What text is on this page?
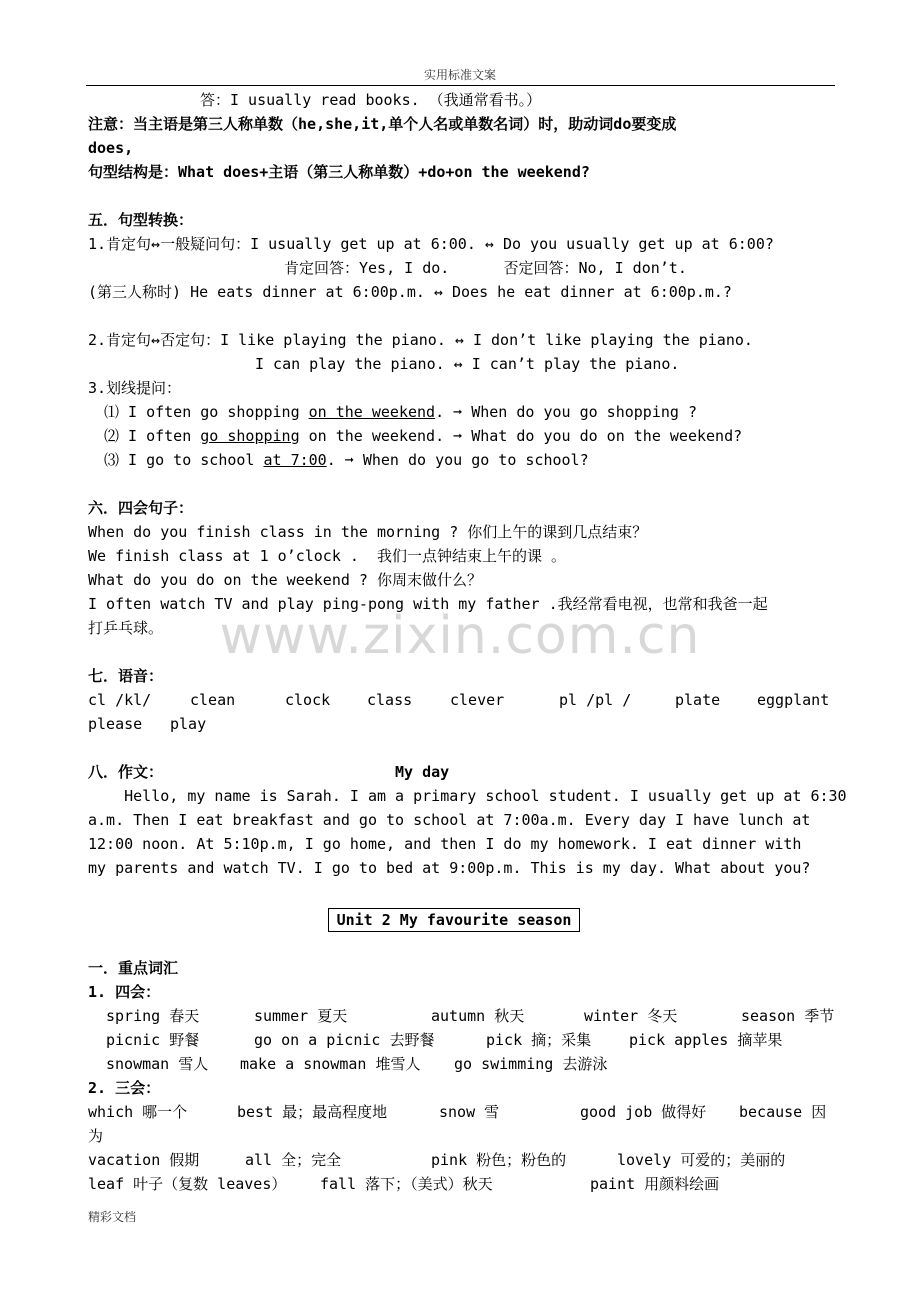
实用标准文案
www.zixin.com.cn
答：I usually read books. （我通常看书。）
注意：当主语是第三人称单数（he,she,it,单个人名或单数名词）时，助动词do要变成
does,
句型结构是：What does+主语（第三人称单数）+do+on the weekend?
五．句型转换：
1.肯定句↔一般疑问句：I usually get up at 6:00. ↔ Do you usually get up at 6:00?
肯定回答：Yes, I do.      否定回答：No, I don’t.
(第三人称时) He eats dinner at 6:00p.m. ↔ Does he eat dinner at 6:00p.m.?
2.肯定句↔否定句：I like playing the piano. ↔ I don’t like playing the piano.
I can play the piano. ↔ I can’t play the piano.
3.划线提问：
⑴ I often go shopping on the weekend. ➞ When do you go shopping ?
⑵ I often go shopping on the weekend. ➞ What do you do on the weekend?
⑶ I go to school at 7:00. ➞ When do you go to school?
六．四会句子：
When do you finish class in the morning ? 你们上午的课到几点结束？
We finish class at 1 o’clock .  我们一点钟结束上午的课 。
What do you do on the weekend ? 你周末做什么？
I often watch TV and play ping-pong with my father .我经常看电视，也常和我爸一起
打乒乓球。
七．语音：
cl /kl/	clean	clock class	clever	pl /pl /	plate eggplant
please play
八．作文：	My day
Hello, my name is Sarah. I am a primary school student. I usually get up at 6:30
a.m. Then I eat breakfast and go to school at 7:00a.m. Every day I have lunch at
12:00 noon. At 5:10p.m, I go home, and then I do my homework. I eat dinner with
my parents and watch TV. I go to bed at 9:00p.m. This is my day. What about you?
Unit 2 My favourite season
一．重点词汇
1. 四会：
spring 春天	summer 夏天	autumn 秋天	winter 冬天	season 季节
picnic 野餐	go on a picnic 去野餐	pick 摘；采集	pick apples 摘苹果
snowman 雪人 make a snowman 堆雪人 go swimming 去游泳
2. 三会：
which 哪一个	best 最；最高程度地	snow 雪	good job 做得好 because 因
为
vacation 假期	all 全；完全	pink 粉色；粉色的	lovely 可爱的；美丽的
leaf 叶子（复数 leaves） fall 落下；（美式）秋天	paint 用颜料绘画
精彩文档
